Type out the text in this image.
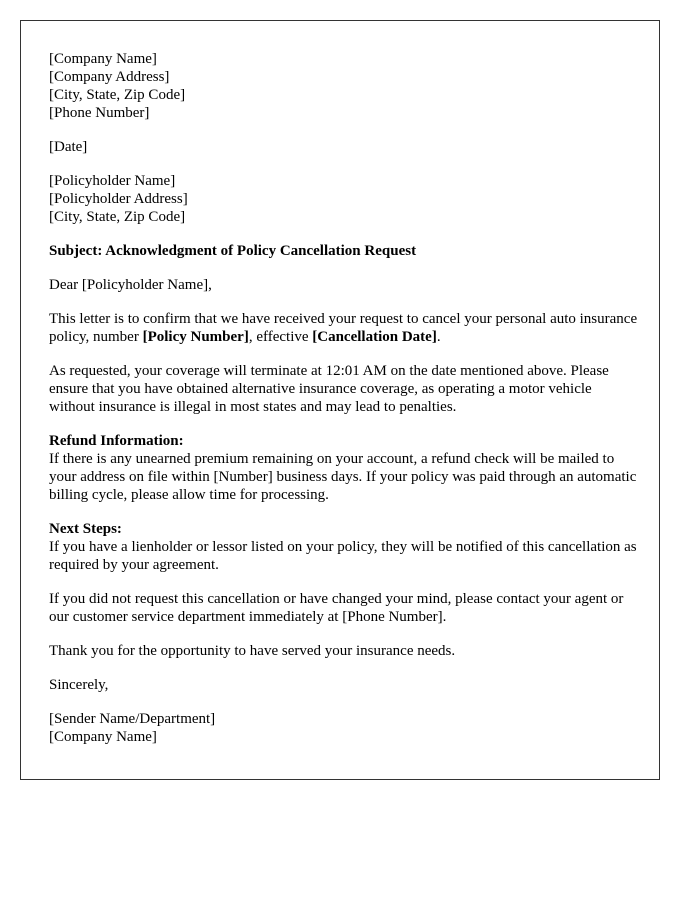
[Company Name]
[Company Address]
[City, State, Zip Code]
[Phone Number]

[Date]

[Policyholder Name]
[Policyholder Address]
[City, State, Zip Code]

Subject: Acknowledgment of Policy Cancellation Request

Dear [Policyholder Name],

This letter is to confirm that we have received your request to cancel your personal auto insurance policy, number [Policy Number], effective [Cancellation Date].

As requested, your coverage will terminate at 12:01 AM on the date mentioned above. Please ensure that you have obtained alternative insurance coverage, as operating a motor vehicle without insurance is illegal in most states and may lead to penalties.

Refund Information:
If there is any unearned premium remaining on your account, a refund check will be mailed to your address on file within [Number] business days. If your policy was paid through an automatic billing cycle, please allow time for processing.
Next Steps:
If you have a lienholder or lessor listed on your policy, they will be notified of this cancellation as required by your agreement.

If you did not request this cancellation or have changed your mind, please contact your agent or our customer service department immediately at [Phone Number].

Thank you for the opportunity to have served your insurance needs.

Sincerely,

[Sender Name/Department]
[Company Name]
